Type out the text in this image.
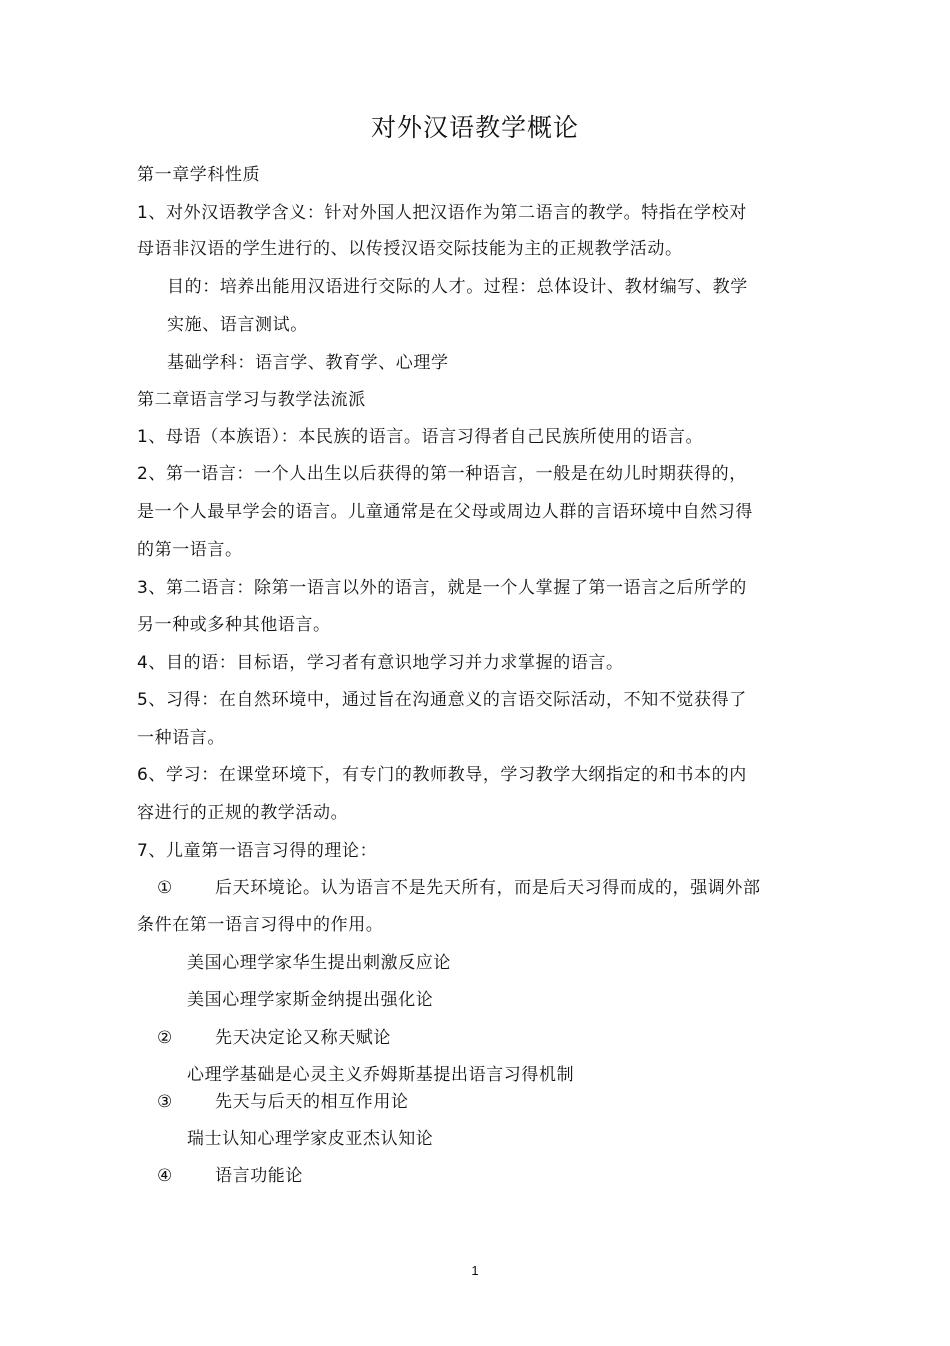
对外汉语教学概论
第一章学科性质
1、对外汉语教学含义：针对外国人把汉语作为第二语言的教学。特指在学校对
母语非汉语的学生进行的、以传授汉语交际技能为主的正规教学活动。
目的：培养出能用汉语进行交际的人才。过程：总体设计、教材编写、教学
实施、语言测试。
基础学科：语言学、教育学、心理学
第二章语言学习与教学法流派
1、母语（本族语）：本民族的语言。语言习得者自己民族所使用的语言。
2、第一语言：一个人出生以后获得的第一种语言，一般是在幼儿时期获得的，
是一个人最早学会的语言。儿童通常是在父母或周边人群的言语环境中自然习得
的第一语言。
3、第二语言：除第一语言以外的语言，就是一个人掌握了第一语言之后所学的
另一种或多种其他语言。
4、目的语：目标语，学习者有意识地学习并力求掌握的语言。
5、习得：在自然环境中，通过旨在沟通意义的言语交际活动，不知不觉获得了
一种语言。
6、学习：在课堂环境下，有专门的教师教导，学习教学大纲指定的和书本的内
容进行的正规的教学活动。
7、儿童第一语言习得的理论：
①	后天环境论。认为语言不是先天所有，而是后天习得而成的，强调外部
条件在第一语言习得中的作用。
美国心理学家华生提出刺激反应论
美国心理学家斯金纳提出强化论
②	先天决定论又称天赋论
心理学基础是心灵主义乔姆斯基提出语言习得机制
③	先天与后天的相互作用论
瑞士认知心理学家皮亚杰认知论
④	语言功能论
1
